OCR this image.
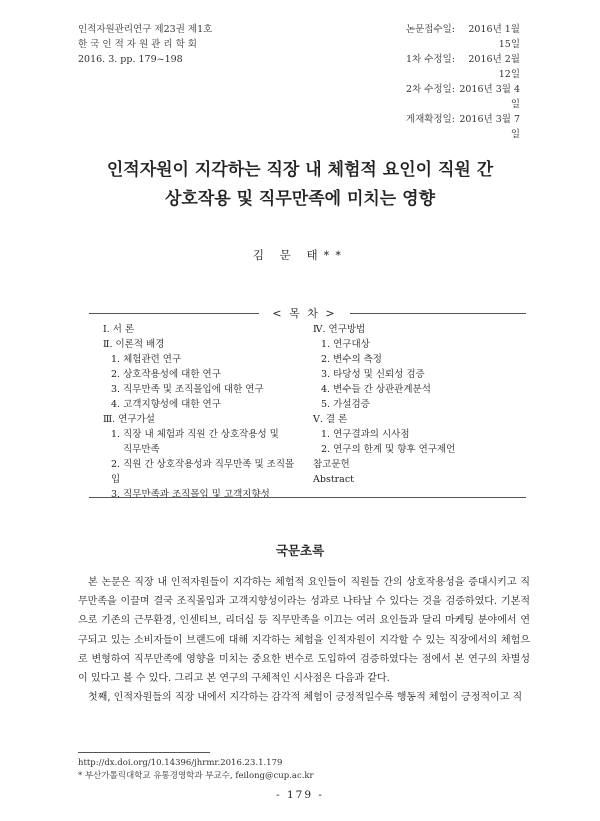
인적자원관리연구 제23권 제1호
한 국 인 적 자 원 관 리 학 회
2016. 3. pp. 179~198
논문접수일:	2016년 1월 15일
1차 수정일:	2016년 2월 12일
2차 수정일: 2016년 3월 4일
게재확정일: 2016년 3월 7일
인적자원이 지각하는 직장 내 체험적 요인이 직원 간
상호작용 및 직무만족에 미치는 영향
김 문 태**
< 목 차 >
Ⅰ. 서 론
Ⅱ. 이론적 배경
1. 체험관련 연구
2. 상호작용성에 대한 연구
3. 직무만족 및 조직몰입에 대한 연구
4. 고객지향성에 대한 연구
Ⅲ. 연구가설
1. 직장 내 체험과 직원 간 상호작용성 및
직무만족
2. 직원 간 상호작용성과 직무만족 및 조직몰입
3. 직무만족과 조직몰입 및 고객지향성
Ⅳ. 연구방법
1. 연구대상
2. 변수의 측정
3. 타당성 및 신뢰성 검증
4. 변수들 간 상관관계분석
5. 가설검증
Ⅴ. 결 론
1. 연구결과의 시사점
2. 연구의 한계 및 향후 연구제언
참고문헌
Abstract
국문초록

본 논문은 직장 내 인적자원들이 지각하는 체험적 요인들이 직원들 간의 상호작용성을 증대시키고 직무만족을 이끌며 결국 조직몰입과 고객지향성이라는 성과로 나타날 수 있다는 것을 검증하였다. 기본적으로 기존의 근무환경, 인센티브, 리더십 등 직무만족을 이끄는 여러 요인들과 달리 마케팅 분야에서 연구되고 있는 소비자들이 브랜드에 대해 지각하는 체험을 인적자원이 지각할 수 있는 직장에서의 체험으로 변형하여 직무만족에 영향을 미치는 중요한 변수로 도입하여 검증하였다는 점에서 본 연구의 차별성이 있다고 볼 수 있다. 그리고 본 연구의 구체적인 시사점은 다음과 같다.

첫째, 인적자원들의 직장 내에서 지각하는 감각적 체험이 긍정적일수록 행동적 체험이 긍정적이고 직

http://dx.doi.org/10.14396/jhrmr.2016.23.1.179
* 부산가톨릭대학교 유통경영학과 부교수, feilong@cup.ac.kr
- 179 -
